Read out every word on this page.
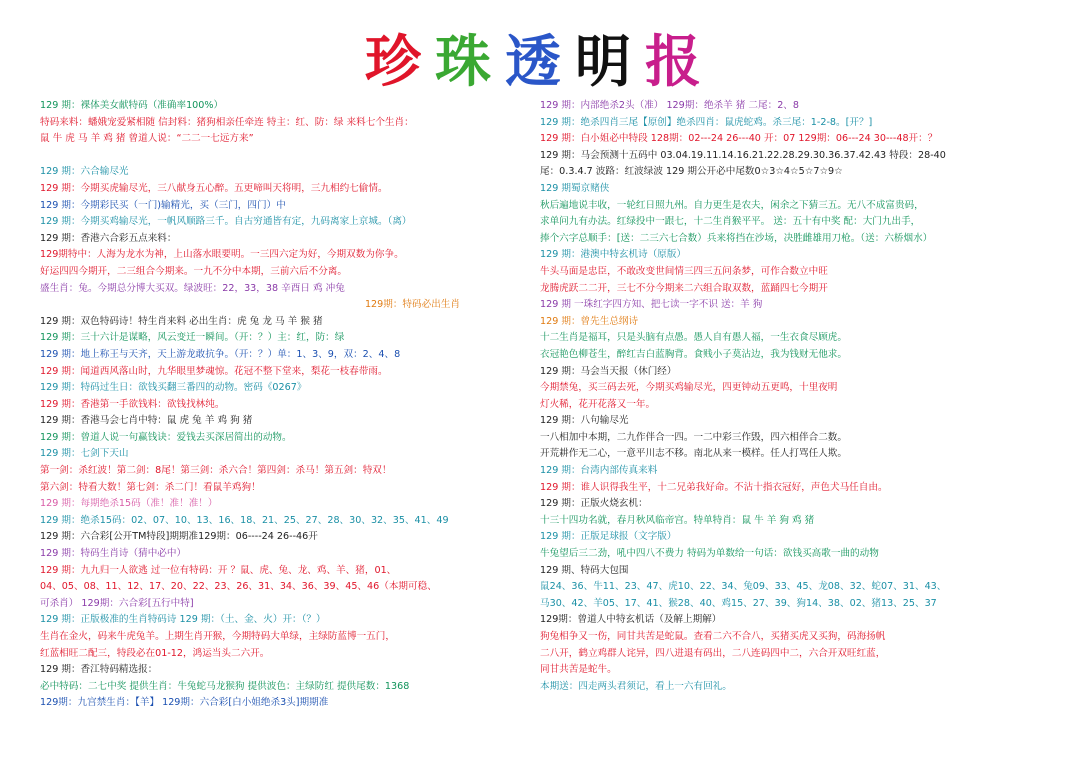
珍珠透明报
129 期：裸体美女献特码（准确率100%）
特码来料：蟠娥宠爱紧相随 信封料：猪狗相亲任牵连 特主：红、防：绿 来料七个生肖：
鼠 牛 虎 马 羊 鸡 猪 曾道人说：“二二一七远方来”
129 期：六合输尽光
129 期：今期买虎输尽光，三八献身五心醉。五更啼叫天将明，三九相约七偷情。
129 期：今期彩民买（一门)输精光，买（三门，四门）中
129 期：今期买鸡输尽光，一帆风顺路三千。自古穷通皆有定，九码离家上京城。（离）
129 期：香港六合彩五点来料：
129期特中：人海为龙水为神，上山落水眼要明。一三四六定为好，今期双数为你争。
好运四四今期开，二三组合今期来。一九不分中本期，三前六后不分离。
盛生肖：兔。今期总分博大买双。绿波旺：22，33，38 辛酉日 鸡 冲兔
129期：特码必出生肖
129 期：双色特码诗！特生肖来料 必出生肖：虎 兔 龙 马 羊 猴 猪
129 期：三十六计是谋略，风云变迁一瞬间。（开：？）主：红，防：绿
129 期：地上称王与天齐，天上游龙敢抗争。（开：？）单：1、3、9，双：2、4、8
129 期：闻道西风落山时，九华眼里梦魂惊。花冠不整下堂来，梨花一枝春带雨。
129 期：特码过生日：欲钱买翻三番四的动物。密码《0267》
129 期：香港第一手欲钱料：欲钱找林纯。
129 期：香港马会七肖中特：鼠 虎 兔 羊 鸡 狗 猪
129 期：曾道人说一句赢钱诀：爱钱去买深居简出的动物。
129 期：七剑下天山
第一剑：杀红波！第二剑：8尾！第三剑：杀六合！第四剑：杀马！第五剑：特双！
第六剑：特看大数！第七剑：杀二门！看鼠羊鸡狗！
129 期：每期绝杀15码（准！准！准！）
129 期：绝杀15码：02、07、10、13、16、18、21、25、27、28、30、32、35、41、49
129 期：六合彩[公开TM特段]期期准129期：06----24 26--46开
129 期：特码生肖诗（猜中必中）
129 期：九九归一人欲逃 过一位有特码：开 ？鼠、虎、兔、龙、鸡、羊、猪，01、
04、05、08、11、12、17、20、22、23、26、31、34、36、39、45、46（本期可稳、
可杀肖） 129期：六合彩[五行中特]
129 期：正版极准的生肖特码诗 129 期：（土、金、火）开：（？）
生肖在金火，码来牛虎兔羊。上期生肖开猴，今期特码大单绿，主绿防蓝博一五门，
红蓝相旺二配三，特段必在01-12，鸿运当头二六开。
129 期：香江特码精选报：
必中特码：二七中奖 提供生肖：牛兔蛇马龙猴狗 提供波色：主绿防红 提供尾数：1368
129期：九宫禁生肖：【羊】 129期：六合彩[白小姐绝杀3头]期期准
129 期：内部绝杀2头（准） 129期：绝杀羊 猪 二尾：2、8
129 期：绝杀四肖三尾【原创】绝杀四肖：鼠虎蛇鸡。杀三尾：1-2-8。[开？]
129 期：白小姐必中特段 128期：02---24 26---40 开：07 129期：06---24 30---48开：？
129 期：马会预测十五码中 03.04.19.11.14.16.21.22.28.29.30.36.37.42.43 特段：28-40
尾：0.3.4.7 波路：红波绿波 129 期公开必中尾数0☆3☆4☆5☆7☆9☆
129 期蜀京赌侠
秋后遍地说丰收，一轮红日照九州。自力更生是农夫，闲余之下猜三五。无八不成富贵码，
求单问九有办法。红绿投中一跟七，十二生肖猴平平。 送：五十有中奖 配：大门九出手，
捧个六字总顺手：[送：二三六七合数）兵来将挡在沙场，决胜雌雄用刀枪。（送：六桥烟水）
129 期：港澳中特玄机诗（原版）
牛头马面是忠臣，不敢改变世间情三四三五问条梦，可作合数立中旺
龙腾虎跃二二开，三七不分今期来二六组合取双数，蓝踊四七今期开
129 期 一珠红字四方知、把七读一字不识 送：羊 狗
129 期：曾先生总纲诗
十二生肖是福耳，只是头脑有点愚。愚人自有愚人福，一生衣食尽顾虎。
衣冠艳色柳苍生，醉红吉白蓝胸背。食贱小子莫沾边，我为钱财无他求。
129 期：马会当天报（休门经）
今期禁兔，买三码去死，今期买鸡输尽光，四更钟动五更鸣，十里夜明
灯火稀，花开花落又一年。
129 期：八句输尽光
一八相加中本期，二九作伴合一四。一二中彩三作毁，四六相伴合二数。
开荒耕作无二心，一意平川志不移。南北从来一模样。任人打骂任人欺。
129 期：台湾内部传真来料
129 期：谁人识得我生平，十二兄弟我好命。不沾十指衣冠好，声色犬马任自由。
129 期：正版火烧玄机：
十三十四功名就，春月秋风临帝宫。特单特肖：鼠 牛 羊 狗 鸡 猪
129 期：正版足球报（文字版）
牛兔望后三二劲，吼中四八不费力 特码为单数给一句话：欲钱买高歌一曲的动物
129 期、特码大包围
鼠24、36、牛11、23、47、虎10、22、34、兔09、33、45、龙08、32、蛇07、31、43、
马30、42、羊05、17、41、猴28、40、鸡15、27、39、狗14、38、02、猪13、25、37
129期：曾道人中特玄机话（及解上期解）
狗兔相争又一伤，同甘共苦是蛇鼠。查看二六不合八，买猪买虎又买狗，码海扬帆
二八开，鹤立鸡群人诧异，四八进退有码出，二八连码四中二，六合开双旺红蓝，
同甘共苦是蛇牛。
本期送：四走两头君须记，看上一六有回礼。
